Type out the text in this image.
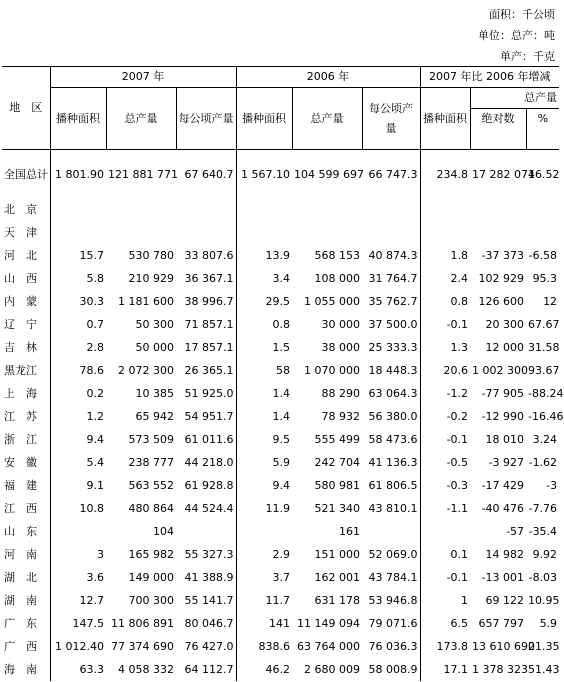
面积：千公顷
单位：总产：吨
单产：千克
地　区	2007 年			2006 年			2007 年比 2006 年增减		
	播种面积	总产量	每公顷产量	播种面积	总产量	每公顷产量	播种面积	总产量	
								绝对数	%
全国总计	1 801.90	121 881 771	67 640.7	1 567.10	104 599 697	66 747.3	234.8	17 282 074	16.52
北　京									
天　津									
河　北	15.7	530 780	33 807.6	13.9	568 153	40 874.3	1.8	-37 373	-6.58
山　西	5.8	210 929	36 367.1	3.4	108 000	31 764.7	2.4	102 929	95.3
内　蒙	30.3	1 181 600	38 996.7	29.5	1 055 000	35 762.7	0.8	126 600	12
辽　宁	0.7	50 300	71 857.1	0.8	30 000	37 500.0	-0.1	20 300	67.67
吉　林	2.8	50 000	17 857.1	1.5	38 000	25 333.3	1.3	12 000	31.58
黑龙江	78.6	2 072 300	26 365.1	58	1 070 000	18 448.3	20.6	1 002 300	93.67
上　海	0.2	10 385	51 925.0	1.4	88 290	63 064.3	-1.2	-77 905	-88.24
江　苏	1.2	65 942	54 951.7	1.4	78 932	56 380.0	-0.2	-12 990	-16.46
浙　江	9.4	573 509	61 011.6	9.5	555 499	58 473.6	-0.1	18 010	3.24
安　徽	5.4	238 777	44 218.0	5.9	242 704	41 136.3	-0.5	-3 927	-1.62
福　建	9.1	563 552	61 928.8	9.4	580 981	61 806.5	-0.3	-17 429	-3
江　西	10.8	480 864	44 524.4	11.9	521 340	43 810.1	-1.1	-40 476	-7.76
山　东		104			161			-57	-35.4
河　南	3	165 982	55 327.3	2.9	151 000	52 069.0	0.1	14 982	9.92
湖　北	3.6	149 000	41 388.9	3.7	162 001	43 784.1	-0.1	-13 001	-8.03
湖　南	12.7	700 300	55 141.7	11.7	631 178	53 946.8	1	69 122	10.95
广　东	147.5	11 806 891	80 046.7	141	11 149 094	79 071.6	6.5	657 797	5.9
广　西	1 012.40	77 374 690	76 427.0	838.6	63 764 000	76 036.3	173.8	13 610 690	21.35
海　南	63.3	4 058 332	64 112.7	46.2	2 680 009	58 008.9	17.1	1 378 323	51.43
